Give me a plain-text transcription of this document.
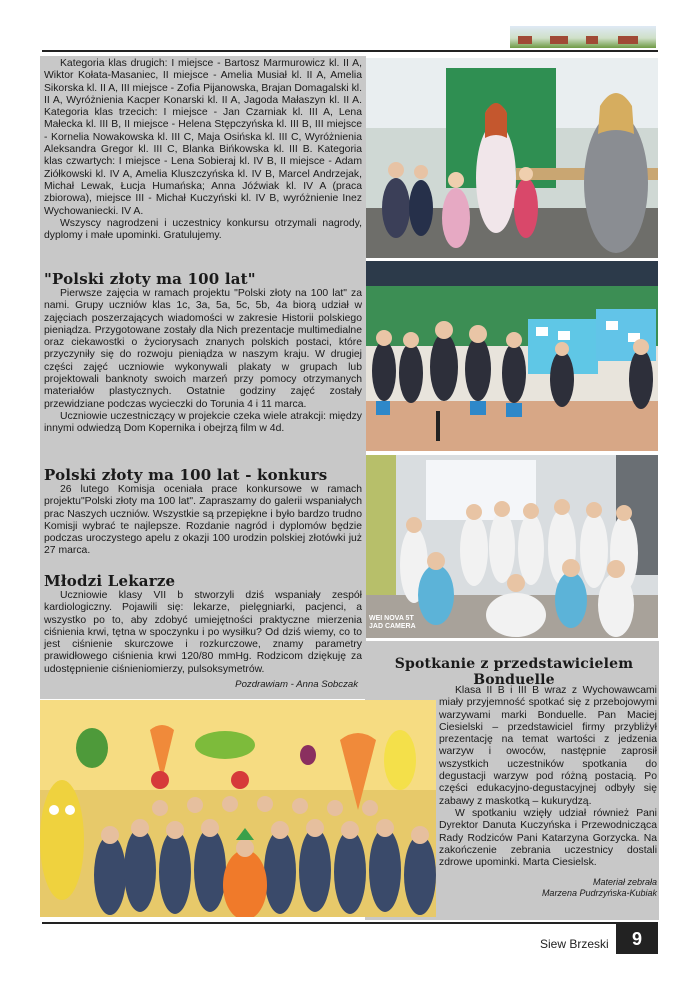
Kategoria klas drugich: I miejsce - Bartosz Marmurowicz kl. II A, Wiktor Kołata-Masaniec, II miejsce - Amelia Musiał kl. II A, Amelia Sikorska kl. II A, III miejsce - Zofia Pijanowska, Brajan Domagalski kl. II A, Wyróżnienia Kacper Konarski kl. II A, Jagoda Małaszyn kl. II A. Kategoria klas trzecich: I miejsce - Jan Czarniak kl. III A, Lena Małecka kl. III B, II miejsce - Helena Stępczyńska kl. III B, III miejsce - Kornelia Nowakowska kl. III C, Maja Osińska kl. III C, Wyróżnienia Aleksandra Gregor kl. III C, Blanka Bińkowska kl. III B. Kategoria klas czwartych: I miejsce - Lena Sobieraj kl. IV B, II miejsce - Adam Ziółkowski kl. IV A, Amelia Kluszczyńska kl. IV B, Marcel Andrzejak, Michał Lewak, Łucja Humańska; Anna Jóźwiak kl. IV A (praca zbiorowa), miejsce III - Michał Kuczyński kl. IV B, wyróżnienie Inez Wychowaniecki. IV A.

Wszyscy nagrodzeni i uczestnicy konkursu otrzymali nagrody, dyplomy i małe upominki. Gratulujemy.

"Polski złoty ma 100 lat"

Pierwsze zajęcia w ramach projektu "Polski złoty na 100 lat" za nami. Grupy uczniów klas 1c, 3a, 5a, 5c, 5b, 4a biorą udział w zajęciach poszerzających wiadomości w zakresie Historii polskiego pieniądza. Przygotowane zostały dla Nich prezentacje multimedialne oraz ciekawostki o życiorysach znanych polskich postaci, które przyczyniły się do rozwoju pieniądza w naszym kraju. W drugiej części zajęć uczniowie wykonywali plakaty w grupach lub projektowali banknoty swoich marzeń przy pomocy otrzymanych materiałów plastycznych. Ostatnie godziny zajęć zostały przewidziane podczas wycieczki do Torunia 4 i 11 marca.

Uczniowie uczestniczący w projekcie czeka wiele atrakcji: między innymi odwiedzą Dom Kopernika i obejrzą film w 4d.

Polski złoty ma 100 lat - konkurs

26 lutego Komisja oceniała prace konkursowe w ramach projektu"Polski złoty ma 100 lat". Zapraszamy do galerii wspaniałych prac Naszych uczniów. Wszystkie są przepiękne i było bardzo trudno Komisji wybrać te najlepsze. Rozdanie nagród i dyplomów będzie podczas uroczystego apelu z okazji 100 urodzin polskiej złotówki już 27 marca.

Młodzi Lekarze

Uczniowie klasy VII b stworzyli dziś wspaniały zespół kardiologiczny. Pojawili się: lekarze, pielęgniarki, pacjenci, a wszystko po to, aby zdobyć umiejętności praktyczne mierzenia ciśnienia krwi, tętna w spoczynku i po wysiłku? Od dziś wiemy, co to jest ciśnienie skurczowe i rozkurczowe, znamy parametry prawidłowego ciśnienia krwi 120/80 mmHg. Rodzicom dziękuję za udostępnienie ciśnieniomierzy, pulsoksymetrów.

Pozdrawiam - Anna Sobczak

WEI NOVA 5T
JAD CAMERA

Spotkanie z przedstawicielem Bonduelle

Klasa II B i III B wraz z Wychowawcami miały przyjemność spotkać się z przebojowymi warzywami marki Bonduelle. Pan Maciej Ciesielski – przedstawiciel firmy przybliżył prezentację na temat wartości z jedzenia warzyw i owoców, następnie zaprosił wszystkich uczestników spotkania do degustacji warzyw pod różną postacią. Po części edukacyjno-degustacyjnej odbyły się zabawy z maskotką – kukurydzą.

W spotkaniu wzięły udział również Pani Dyrektor Danuta Kuczyńska i Przewodnicząca Rady Rodziców Pani Katarzyna Gorzycka. Na zakończenie zebrania uczestnicy dostali zdrowe upominki. Marta Ciesielsk.

Materiał zebrała
Marzena Pudrzyńska-Kubiak

Siew Brzeski	9
